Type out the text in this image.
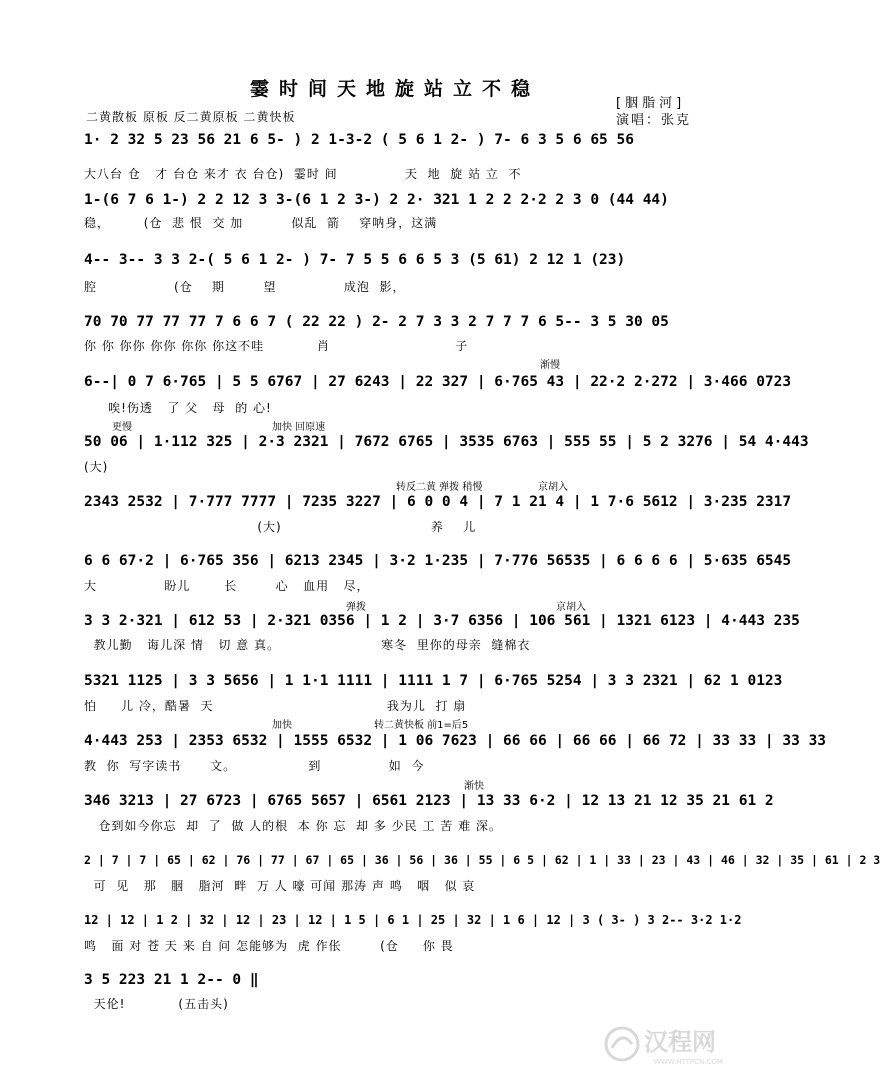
霎时间天地旋站立不稳
[胭脂河]
演唱：张克
二黄散板 原板 反二黄原板 二黄快板
1· 2 32 5 23 56 21 6 5- ) 2 1-3-2 ( 5 6 1 2- ) 7- 6 3 5 6 65 56
大八台 仓   才 台仓 来才 衣 台仓)  霎时 间              天  地  旋 站 立  不
1-(6 7 6 1-) 2 2 12 3 3-(6 1 2 3-) 2 2· 321 1 2 2 2·2 2 3 0 (44 44)
稳，       (仓  悲 恨  交 加          似乱  箭    穿呐身，这满
4-- 3-- 3 3 2-( 5 6 1 2- ) 7- 7 5 5 6 6 5 3 (5 61) 2 12 1 (23)
腔                (仓    期        望              成泡  影，
70 70 77 77 77 7 6 6 7 ( 22 22 ) 2- 2 7 3 3 2 7 7 7 6 5-- 3 5 30 05
你 你 你你 你你 你你 你这不哇           肖                          子
渐慢
6--| 0 7 6·765 | 5 5 6767 | 27 6243 | 22 327 | 6·765 43 | 22·2 2·272 | 3·466 0723
唉!伤透   了 父   母  的 心!
更慢	加快 回原速
50 06 | 1·112 325 | 2·3 2321 | 7672 6765 | 3535 6763 | 555 55 | 5 2 3276 | 54 4·443
(大)
转反二黄 弹拨 稍慢	京胡入
2343 2532 | 7·777 7777 | 7235 3227 | 6 0 0 4 | 7 1 21 4 | 1 7·6 5612 | 3·235 2317
(大)                               养    儿
6 6 67·2 | 6·765 356 | 6213 2345 | 3·2 1·235 | 7·776 56535 | 6 6 6 6 | 5·635 6545
大              盼儿       长        心   血用   尽，
弹拨	京胡入
3 3 2·321 | 612 53 | 2·321 0356 | 1 2 | 3·7 6356 | 106 561 | 1321 6123 | 4·443 235
教儿勤   诲儿深 情   切 意 真。                     寒冬  里你的母亲  缝棉衣
5321 1125 | 3 3 5656 | 1 1·1 1111 | 1111 1 7 | 6·765 5254 | 3 3 2321 | 62 1 0123
怕     儿 冷，酷暑  天                                    我为儿  打 扇
加快	转二黄快板 前1=后5
4·443 253 | 2353 6532 | 1555 6532 | 1 06 7623 | 66 66 | 66 66 | 66 72 | 33 33 | 33 33
教  你  写字读书      文。               到              如  今
渐快
346 3213 | 27 6723 | 6765 5657 | 6561 2123 | 13 33 6·2 | 12 13 21 12 35 21 61 2
仓到如今你忘  却  了  做 人的根  本 你 忘  却 多 少民 工 苦 难 深。
2 | 7 | 7 | 65 | 62 | 76 | 77 | 67 | 65 | 36 | 56 | 36 | 55 | 6 5 | 62 | 1 | 33 | 23 | 43 | 46 | 32 | 35 | 61 | 2 3
可  见   那   胭   脂河  畔  万 人 嚎 可闻 那涛 声 鸣   咽   似 哀
12 | 12 | 1 2 | 32 | 12 | 23 | 12 | 1 5 | 6 1 | 25 | 32 | 1 6 | 12 | 3 ( 3- ) 3 2-- 3·2 1·2
鸣   面 对 苍 天 来 自 问 怎能够为  虎 作伥        (仓     你 畏
3 5 223 21 1 2-- 0 ‖
天伦!           (五击头)
汉程网
WWW.HTTPCN.COM
